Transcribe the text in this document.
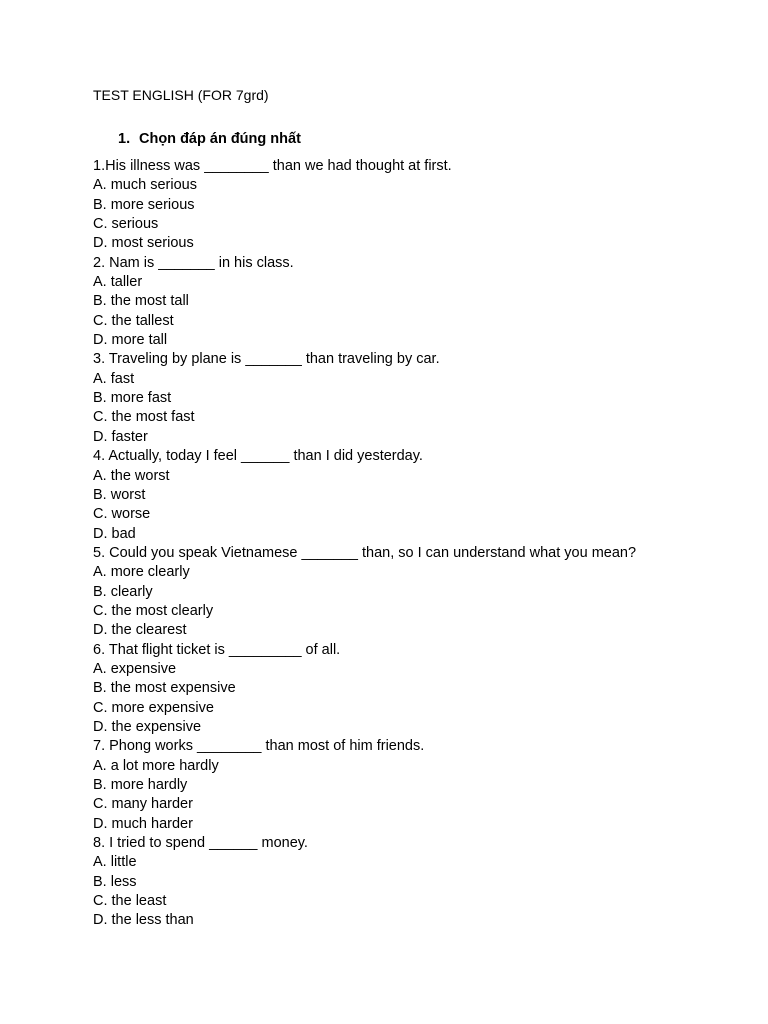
TEST ENGLISH (FOR 7grd)
1. Chọn đáp án đúng nhất
1.His illness was ________ than we had thought at first.
A. much serious
B. more serious
C. serious
D. most serious
2. Nam is _______ in his class.
A. taller
B. the most tall
C. the tallest
D. more tall
3. Traveling by plane is _______ than traveling by car.
A. fast
B. more fast
C. the most fast
D. faster
4. Actually, today I feel ______ than I did yesterday.
A. the worst
B. worst
C. worse
D. bad
5. Could you speak Vietnamese _______ than, so I can understand what you mean?
A. more clearly
B. clearly
C. the most clearly
D. the clearest
6. That flight ticket is _________ of all.
A. expensive
B. the most expensive
C. more expensive
D. the expensive
7. Phong works ________ than most of him friends.
A. a lot more hardly
B. more hardly
C. many harder
D. much harder
8. I tried to spend ______ money.
A. little
B. less
C. the least
D. the less than
